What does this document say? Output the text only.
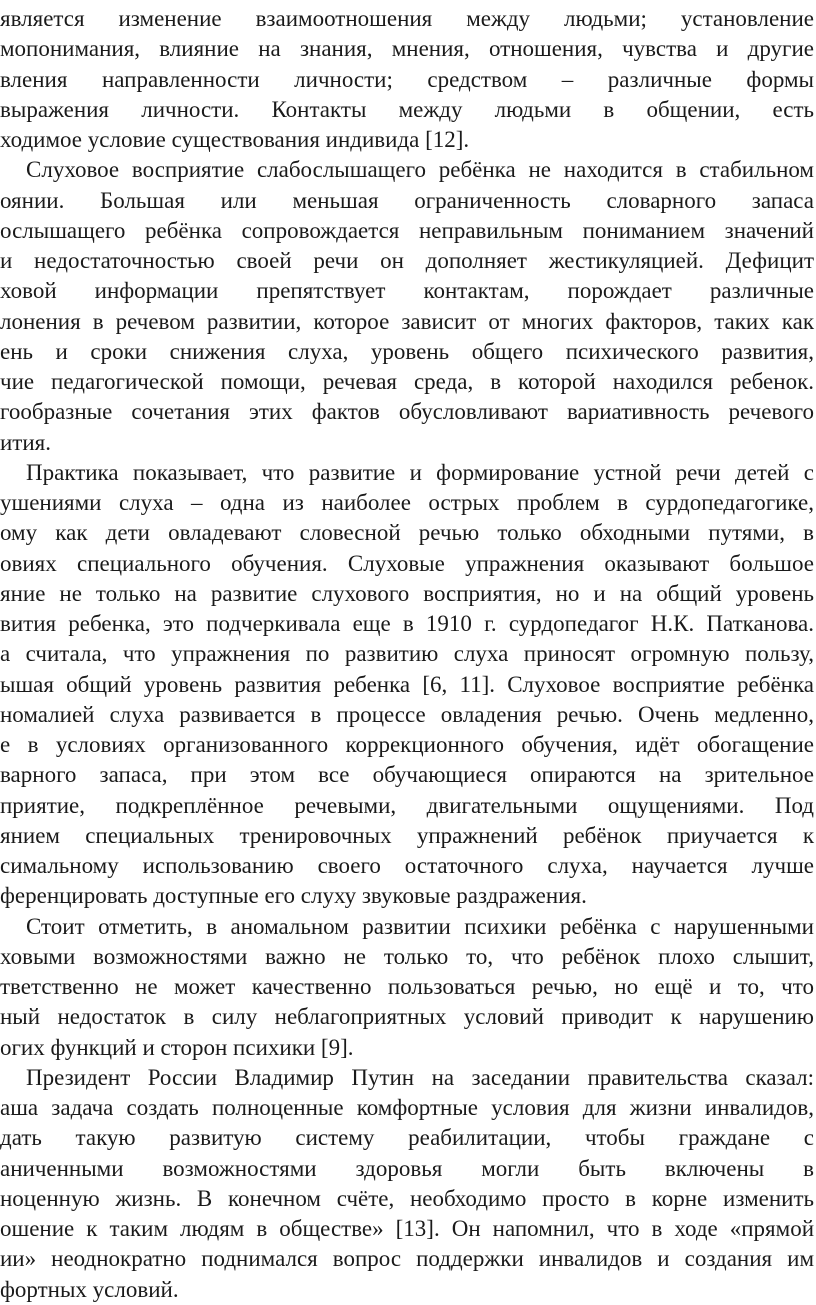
является изменение взаимоотношения между людьми; установление
мопонимания, влияние на знания, мнения, отношения, чувства и другие
вления направленности личности; средством – различные формы
выражения личности. Контакты между людьми в общении, есть
ходимое условие существования индивида [12].
Слуховое восприятие слабослышащего ребёнка не находится в стабильном
оянии. Большая или меньшая ограниченность словарного запаса
ослышащего ребёнка сопровождается неправильным пониманием значений
и недостаточностью своей речи он дополняет жестикуляцией. Дефицит
ховой информации препятствует контактам, порождает различные
лонения в речевом развитии, которое зависит от многих факторов, таких как
ень и сроки снижения слуха, уровень общего психического развития,
чие педагогической помощи, речевая среда, в которой находился ребенок.
гообразные сочетания этих фактов обусловливают вариативность речевого
ития.
Практика показывает, что развитие и формирование устной речи детей с
ушениями слуха – одна из наиболее острых проблем в сурдопедагогике,
ому как дети овладевают словесной речью только обходными путями, в
овиях специального обучения. Слуховые упражнения оказывают большое
яние не только на развитие слухового восприятия, но и на общий уровень
вития ребенка, это подчеркивала еще в 1910 г. сурдопедагог Н.К. Патканова.
а считала, что упражнения по развитию слуха приносят огромную пользу,
ышая общий уровень развития ребенка [6, 11]. Слуховое восприятие ребёнка
номалией слуха развивается в процессе овладения речью. Очень медленно,
е в условиях организованного коррекционного обучения, идёт обогащение
варного запаса, при этом все обучающиеся опираются на зрительное
приятие, подкреплённое речевыми, двигательными ощущениями. Под
янием специальных тренировочных упражнений ребёнок приучается к
симальному использованию своего остаточного слуха, научается лучше
ференцировать доступные его слуху звуковые раздражения.
Стоит отметить, в аномальном развитии психики ребёнка с нарушенными
ховыми возможностями важно не только то, что ребёнок плохо слышит,
тветственно не может качественно пользоваться речью, но ещё и то, что
ный недостаток в силу неблагоприятных условий приводит к нарушению
огих функций и сторон психики [9].
Президент России Владимир Путин на заседании правительства сказал:
аша задача создать полноценные комфортные условия для жизни инвалидов,
дать такую развитую систему реабилитации, чтобы граждане с
аниченными возможностями здоровья могли быть включены в
ноценную жизнь. В конечном счёте, необходимо просто в корне изменить
ошение к таким людям в обществе» [13]. Он напомнил, что в ходе «прямой
ии» неоднократно поднимался вопрос поддержки инвалидов и создания им
фортных условий.
